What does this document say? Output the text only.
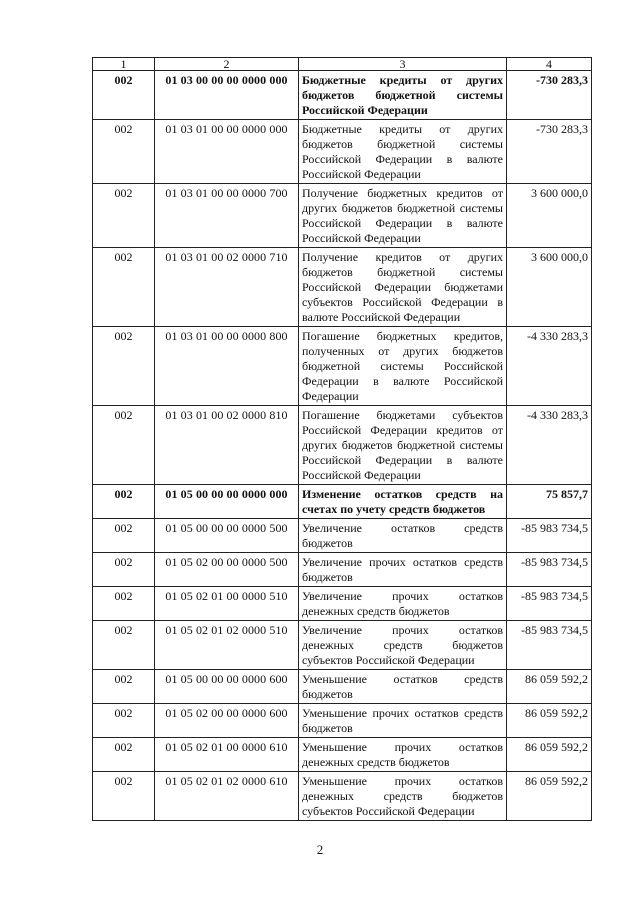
1	2	3	4
002	01 03 00 00 00 0000 000	Бюджетные кредиты от других бюджетов бюджетной системы Российской Федерации	-730 283,3
002	01 03 01 00 00 0000 000	Бюджетные кредиты от других бюджетов бюджетной системы Российской Федерации в валюте Российской Федерации	-730 283,3
002	01 03 01 00 00 0000 700	Получение бюджетных кредитов от других бюджетов бюджетной системы Российской Федерации в валюте Российской Федерации	3 600 000,0
002	01 03 01 00 02 0000 710	Получение кредитов от других бюджетов бюджетной системы Российской Федерации бюджетами субъектов Российской Федерации в валюте Российской Федерации	3 600 000,0
002	01 03 01 00 00 0000 800	Погашение бюджетных кредитов, полученных от других бюджетов бюджетной системы Российской Федерации в валюте Российской Федерации	-4 330 283,3
002	01 03 01 00 02 0000 810	Погашение бюджетами субъектов Российской Федерации кредитов от других бюджетов бюджетной системы Российской Федерации в валюте Российской Федерации	-4 330 283,3
002	01 05 00 00 00 0000 000	Изменение остатков средств на счетах по учету средств бюджетов	75 857,7
002	01 05 00 00 00 0000 500	Увеличение остатков средств бюджетов	-85 983 734,5
002	01 05 02 00 00 0000 500	Увеличение прочих остатков средств бюджетов	-85 983 734,5
002	01 05 02 01 00 0000 510	Увеличение прочих остатков денежных средств бюджетов	-85 983 734,5
002	01 05 02 01 02 0000 510	Увеличение прочих остатков денежных средств бюджетов субъектов Российской Федерации	-85 983 734,5
002	01 05 00 00 00 0000 600	Уменьшение остатков средств бюджетов	86 059 592,2
002	01 05 02 00 00 0000 600	Уменьшение прочих остатков средств бюджетов	86 059 592,2
002	01 05 02 01 00 0000 610	Уменьшение прочих остатков денежных средств бюджетов	86 059 592,2
002	01 05 02 01 02 0000 610	Уменьшение прочих остатков денежных средств бюджетов субъектов Российской Федерации	86 059 592,2
2
